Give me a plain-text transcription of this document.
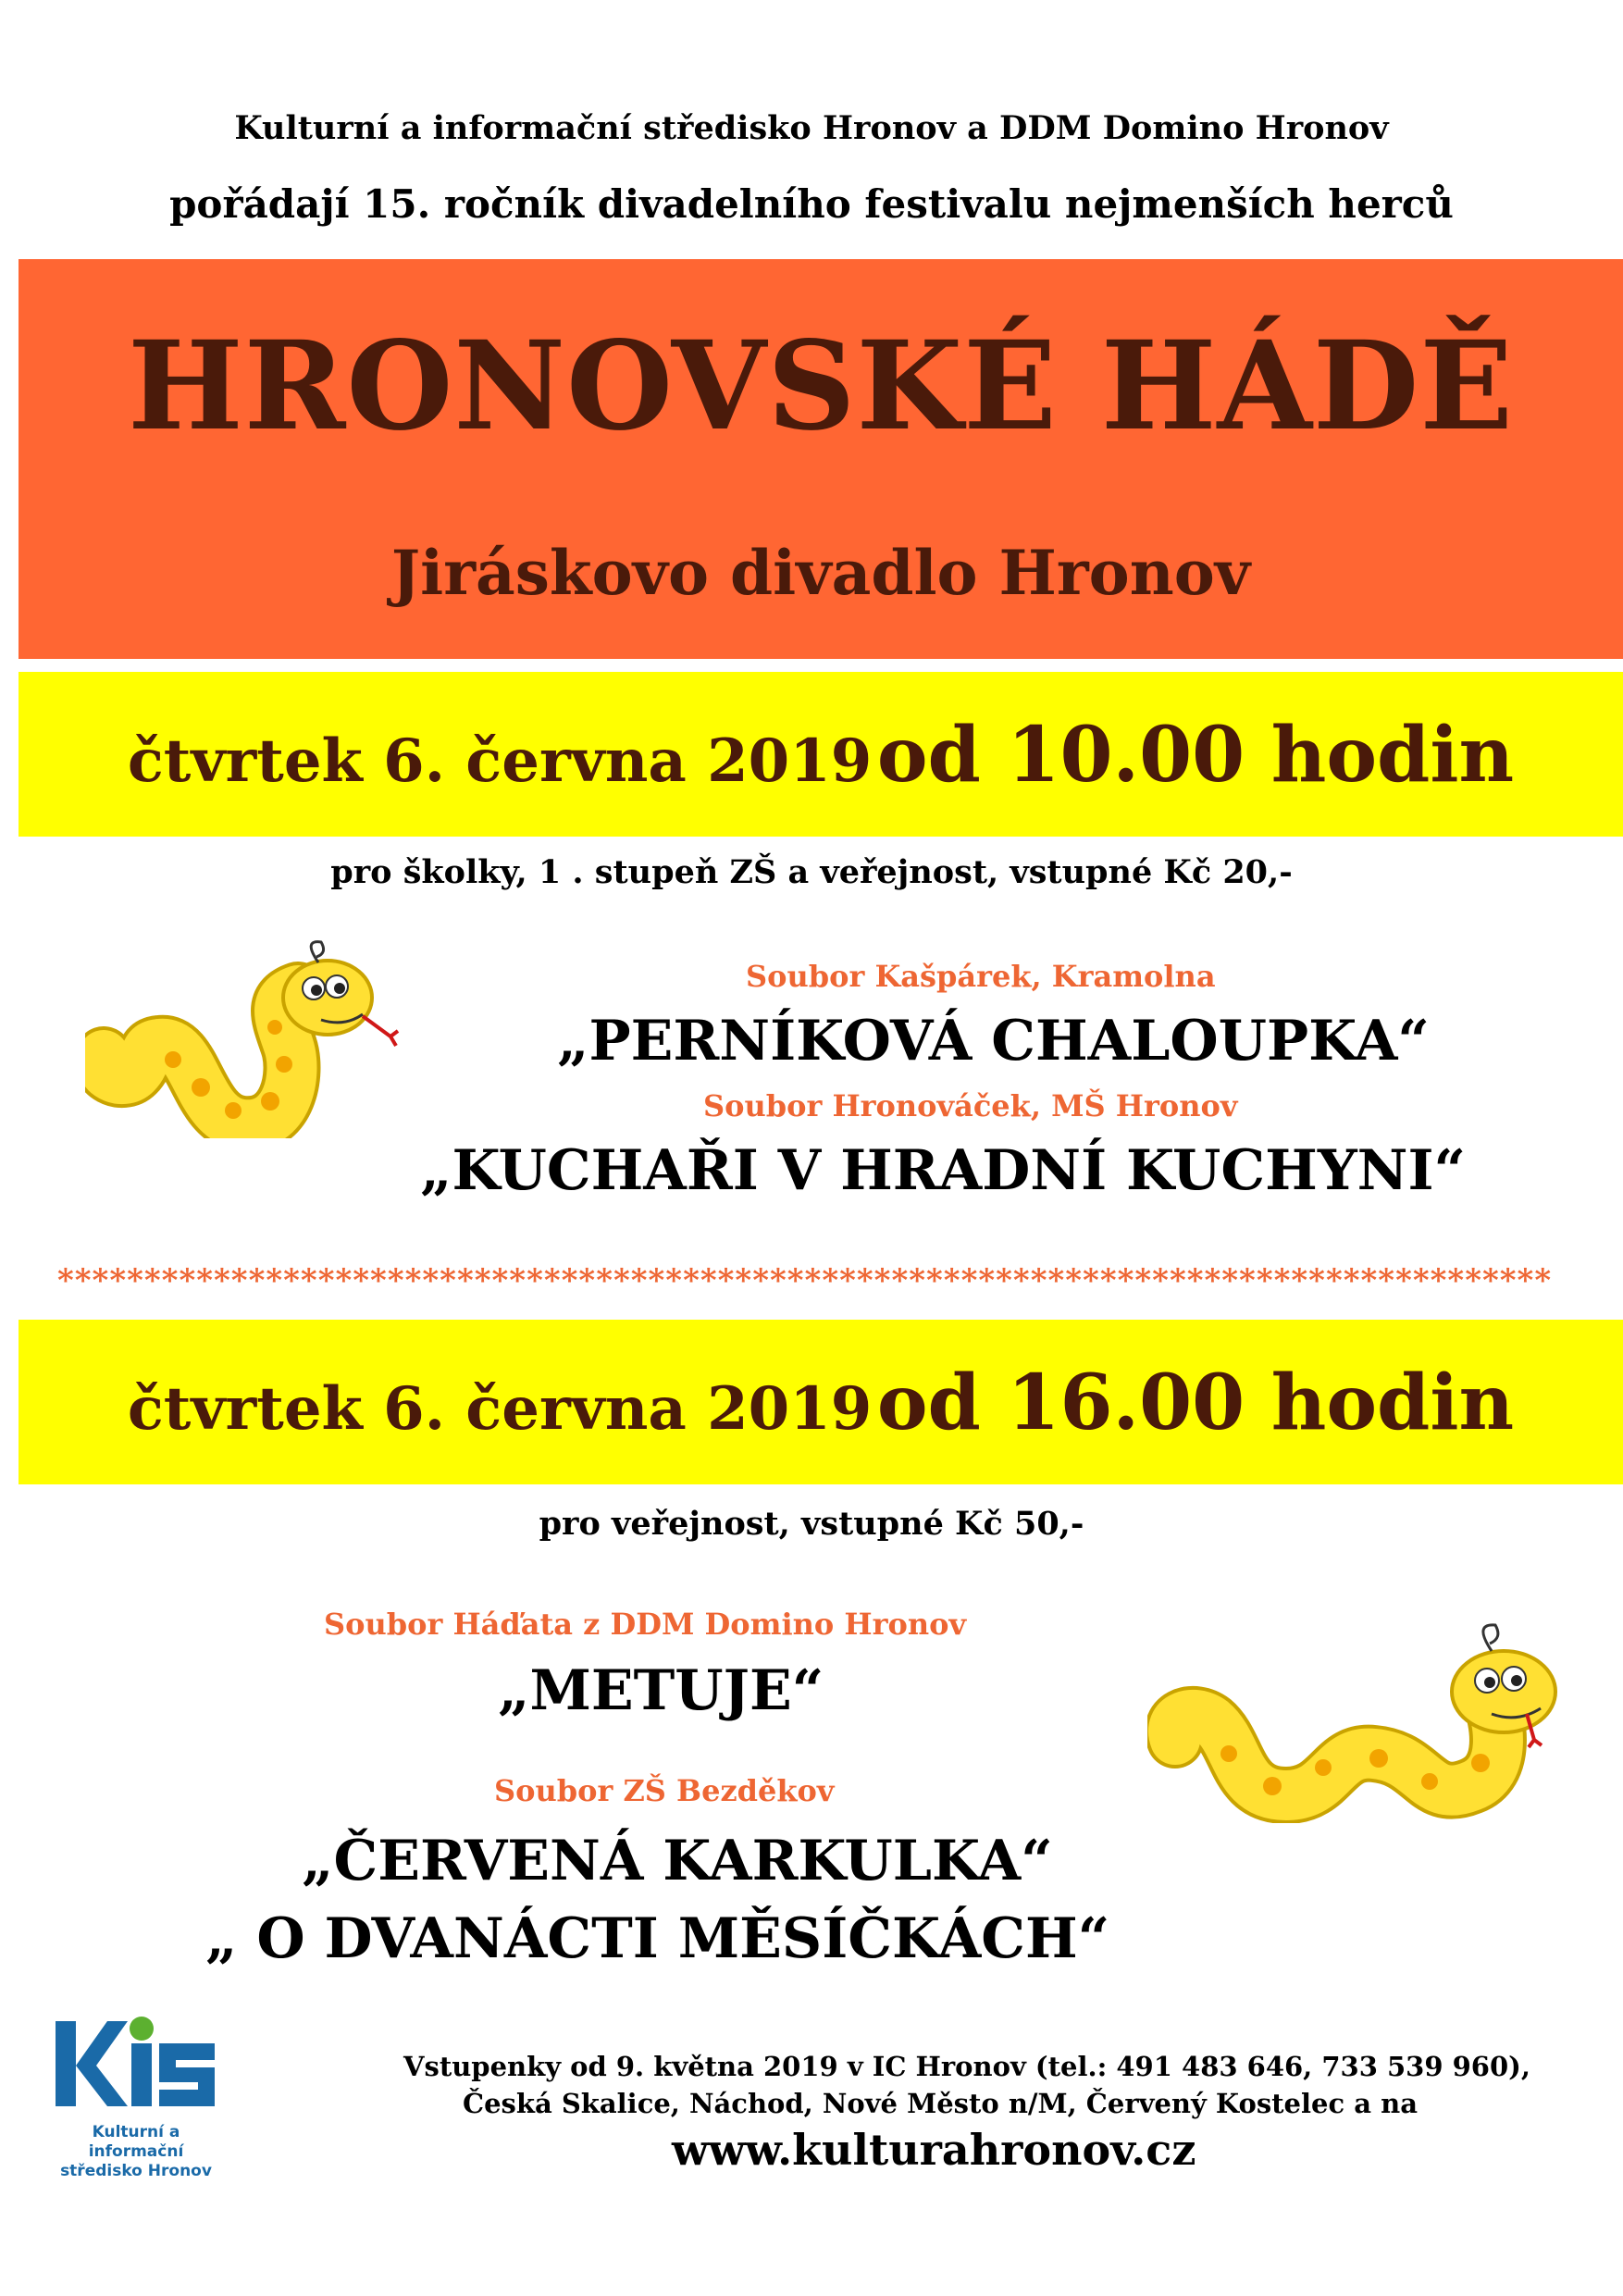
Kulturní a informační středisko Hronov a DDM Domino Hronov
pořádají 15. ročník divadelního festivalu nejmenších herců
HRONOVSKÉ HÁDĚ
Jiráskovo divadlo Hronov
čtvrtek 6. června 2019 od 10.00 hodin
pro školky, 1 . stupeň ZŠ a veřejnost, vstupné Kč 20,-
Soubor Kašpárek, Kramolna
„PERNÍKOVÁ CHALOUPKA“
Soubor Hronováček, MŠ Hronov
„KUCHAŘI V HRADNÍ KUCHYNI“
**************************************************************************************
čtvrtek 6. června 2019 od 16.00 hodin
pro veřejnost, vstupné Kč 50,-
Soubor Háďata z DDM Domino Hronov
„METUJE“
Soubor ZŠ Bezděkov
„ČERVENÁ KARKULKA“
„ O DVANÁCTI MĚSÍČKÁCH“
Kulturní a informační
středisko Hronov
Vstupenky od 9. května 2019 v IC Hronov (tel.: 491 483 646, 733 539 960),
Česká Skalice, Náchod, Nové Město n/M, Červený Kostelec a na
www.kulturahronov.cz
